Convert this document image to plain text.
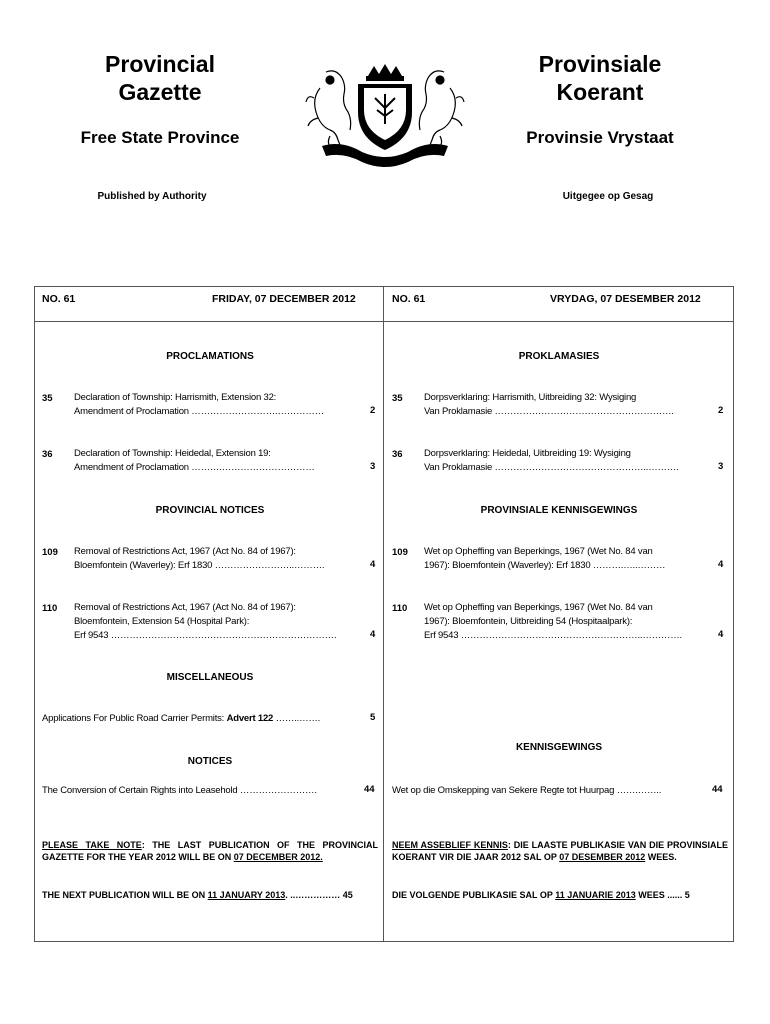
Provincial
Gazette
Free State Province
Published by Authority
Provinsiale
Koerant
Provinsie Vrystaat
Uitgegee op Gesag
NO. 61	FRIDAY, 07 DECEMBER 2012	NO. 61	VRYDAG, 07 DESEMBER 2012
PROCLAMATIONS
35 Declaration of Township: Harrismith, Extension 32:
Amendment of Proclamation ……………………….……………	2
36 Declaration of Township: Heidedal, Extension 19:
Amendment of Proclamation ……….…………………………	3
PROVINCIAL NOTICES
109 Removal of Restrictions Act, 1967 (Act No. 84 of 1967):
Bloemfontein (Waverley): Erf 1830 ……………………..……….	4
110 Removal of Restrictions Act, 1967 (Act No. 84 of 1967):
Bloemfontein, Extension 54 (Hospital Park):
Erf 9543 ……………………………………………………………….	4
MISCELLANEOUS
Applications For Public Road Carrier Permits: Advert 122 ……..…….	5
NOTICES
The Conversion of Certain Rights into Leasehold …………………….	44
PLEASE TAKE NOTE: THE LAST PUBLICATION OF THE PROVINCIAL GAZETTE FOR THE YEAR 2012 WILL BE ON 07 DECEMBER 2012.
THE NEXT PUBLICATION WILL BE ON 11 JANUARY 2013. ..…………… 45
PROKLAMASIES
35 Dorpsverklaring: Harrismith, Uitbreiding 32: Wysiging
Van Proklamasie ………………………………………………….	2
36 Dorpsverklaring: Heidedal, Uitbreiding 19: Wysiging
Van Proklamasie …………………………………………..……….	3
PROVINSIALE KENNISGEWINGS
109 Wet op Opheffing van Beperkings, 1967 (Wet No. 84 van
1967): Bloemfontein (Waverley): Erf 1830 ……….…..………	4
110 Wet op Opheffing van Beperkings, 1967 (Wet No. 84 van
1967): Bloemfontein, Uitbreiding 54 (Hospitaalpark):
Erf 9543 …………………………………………………..………….	4
KENNISGEWINGS
Wet op die Omskepping van Sekere Regte tot Huurpag …….……..	44
NEEM ASSEBLIEF KENNIS: DIE LAASTE PUBLIKASIE VAN DIE PROVINSIALE KOERANT VIR DIE JAAR 2012 SAL OP 07 DESEMBER 2012 WEES.
DIE VOLGENDE PUBLIKASIE SAL OP 11 JANUARIE 2013 WEES ...... 5
